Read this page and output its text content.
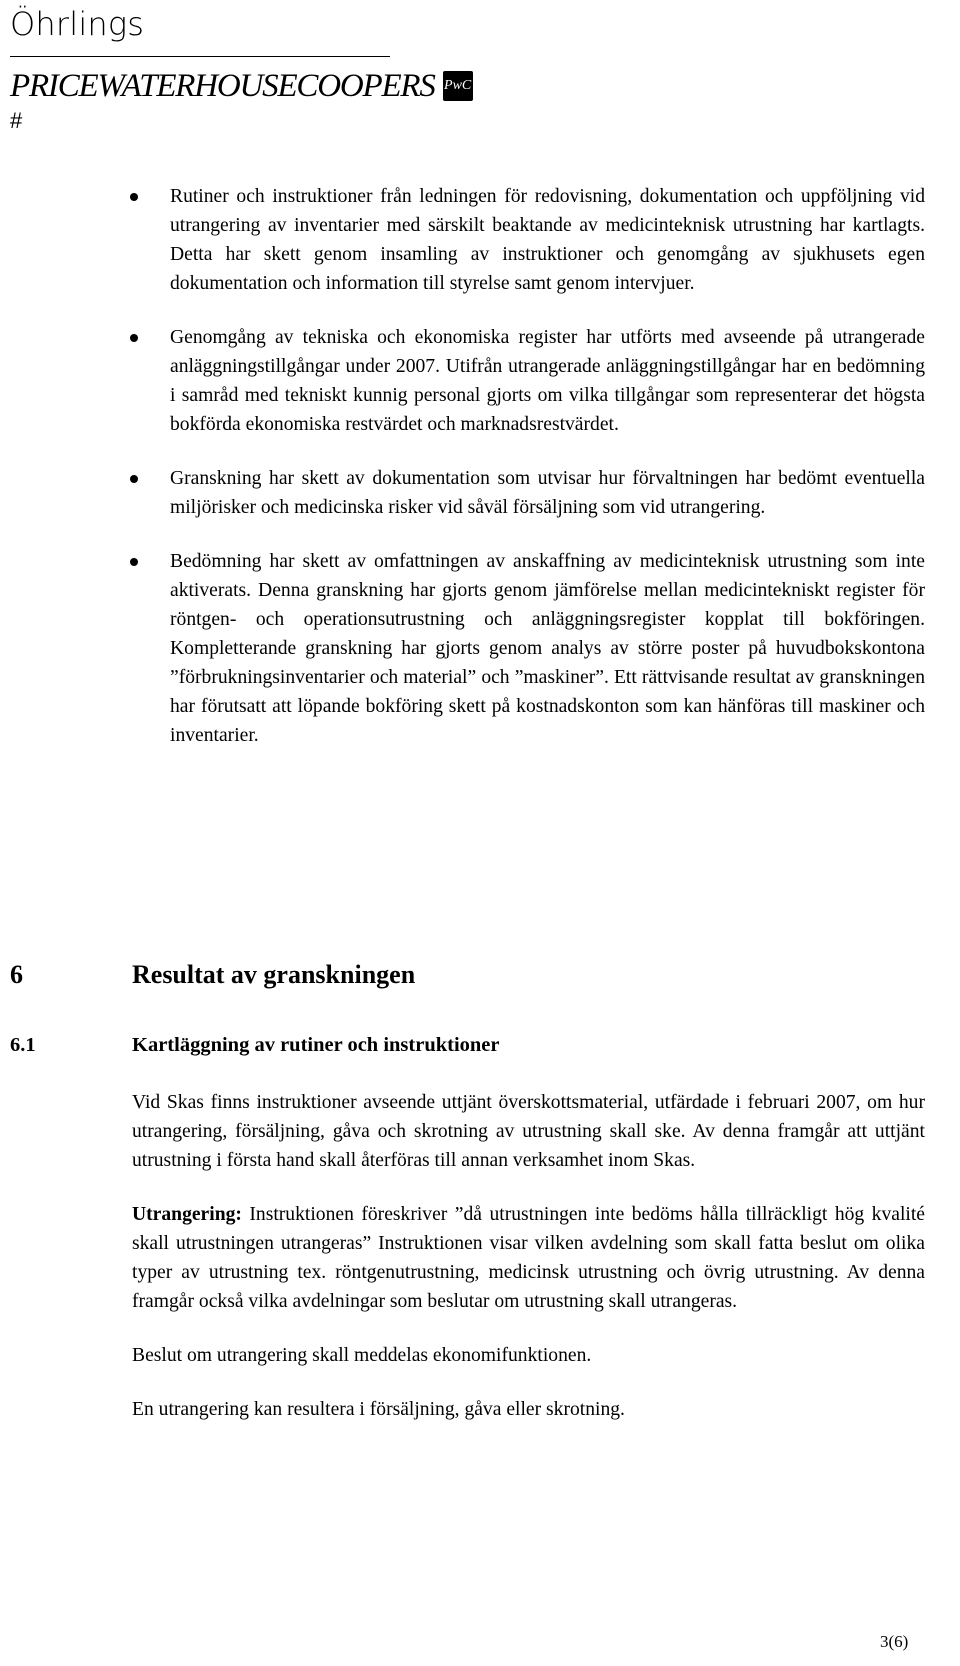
Öhrlings
PRICEWATERHOUSECOOPERS PwC
#
Rutiner och instruktioner från ledningen för redovisning, dokumentation och uppföljning vid utrangering av inventarier med särskilt beaktande av medicinteknisk utrustning har kartlagts. Detta har skett genom insamling av instruktioner och genomgång av sjukhusets egen dokumentation och information till styrelse samt genom intervjuer.
Genomgång av tekniska och ekonomiska register har utförts med avseende på utrangerade anläggningstillgångar under 2007. Utifrån utrangerade anläggningstillgångar har en bedömning i samråd med tekniskt kunnig personal gjorts om vilka tillgångar som representerar det högsta bokförda ekonomiska restvärdet och marknadsrestvärdet.
Granskning har skett av dokumentation som utvisar hur förvaltningen har bedömt eventuella miljörisker och medicinska risker vid såväl försäljning som vid utrangering.
Bedömning har skett av omfattningen av anskaffning av medicinteknisk utrustning som inte aktiverats. Denna granskning har gjorts genom jämförelse mellan medicintekniskt register för röntgen- och operationsutrustning och anläggningsregister kopplat till bokföringen. Kompletterande granskning har gjorts genom analys av större poster på huvudbokskontona ”förbrukningsinventarier och material” och ”maskiner”. Ett rättvisande resultat av granskningen har förutsatt att löpande bokföring skett på kostnadskonton som kan hänföras till maskiner och inventarier.
6	Resultat av granskningen
6.1	Kartläggning av rutiner och instruktioner

Vid Skas finns instruktioner avseende uttjänt överskottsmaterial, utfärdade i februari 2007, om hur utrangering, försäljning, gåva och skrotning av utrustning skall ske. Av denna framgår att uttjänt utrustning i första hand skall återföras till annan verksamhet inom Skas.

Utrangering: Instruktionen föreskriver ”då utrustningen inte bedöms hålla tillräckligt hög kvalité skall utrustningen utrangeras” Instruktionen visar vilken avdelning som skall fatta beslut om olika typer av utrustning tex. röntgenutrustning, medicinsk utrustning och övrig utrustning. Av denna framgår också vilka avdelningar som beslutar om utrustning skall utrangeras.

Beslut om utrangering skall meddelas ekonomifunktionen.

En utrangering kan resultera i försäljning, gåva eller skrotning.

3(6)
